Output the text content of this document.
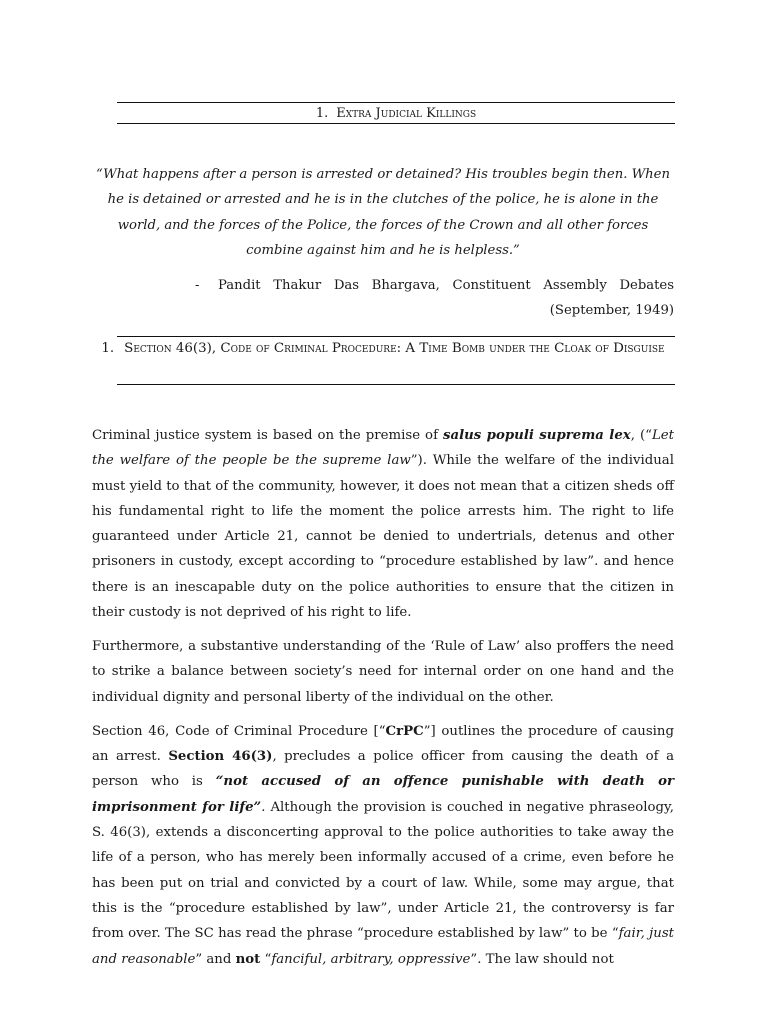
1. Extra Judicial Killings
“What happens after a person is arrested or detained? His troubles begin then. When he is detained or arrested and he is in the clutches of the police, he is alone in the world, and the forces of the Police, the forces of the Crown and all other forces combine against him and he is helpless.”
-	Pandit Thakur Das Bhargava, Constituent Assembly Debates (September, 1949)

1. Section 46(3), Code of Criminal Procedure: A Time Bomb under the Cloak of Disguise

Criminal justice system is based on the premise of salus populi suprema lex, (“Let the welfare of the people be the supreme law”). While the welfare of the individual must yield to that of the community, however, it does not mean that a citizen sheds off his fundamental right to life the moment the police arrests him. The right to life guaranteed under Article 21, cannot be denied to undertrials, detenus and other prisoners in custody, except according to “procedure established by law”. and hence there is an inescapable duty on the police authorities to ensure that the citizen in their custody is not deprived of his right to life.

Furthermore, a substantive understanding of the ‘Rule of Law’ also proffers the need to strike a balance between society’s need for internal order on one hand and the individual dignity and personal liberty of the individual on the other.

Section 46, Code of Criminal Procedure [“CrPC”] outlines the procedure of causing an arrest. Section 46(3), precludes a police officer from causing the death of a person who is “not accused of an offence punishable with death or imprisonment for life”. Although the provision is couched in negative phraseology, S. 46(3), extends a disconcerting approval to the police authorities to take away the life of a person, who has merely been informally accused of a crime, even before he has been put on trial and convicted by a court of law. While, some may argue, that this is the “procedure established by law”, under Article 21, the controversy is far from over. The SC has read the phrase “procedure established by law” to be “fair, just and reasonable” and not “fanciful, arbitrary, oppressive”. The law should not
